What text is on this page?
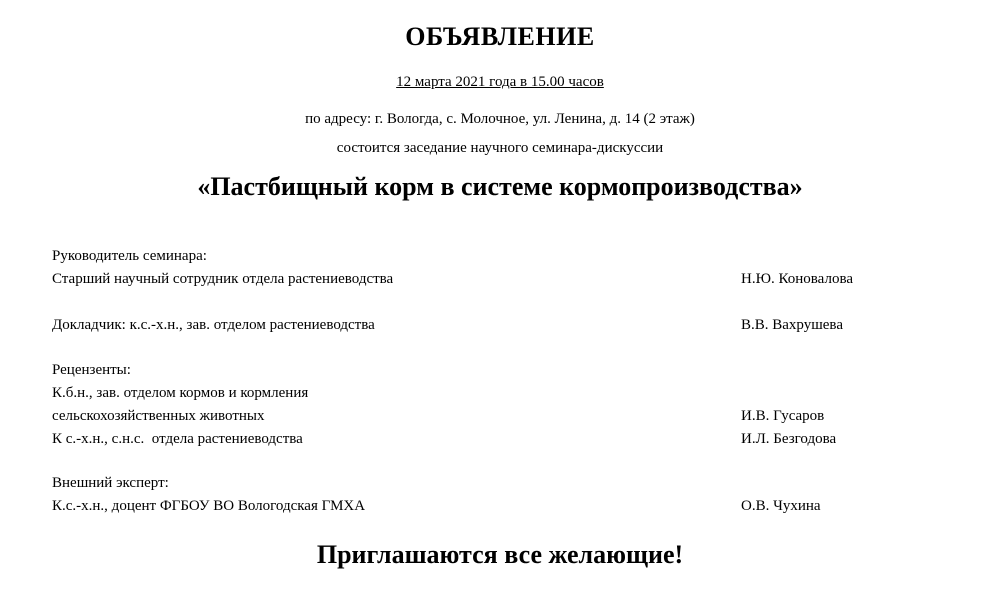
ОБЪЯВЛЕНИЕ
12 марта 2021 года в 15.00 часов
по адресу: г. Вологда, с. Молочное, ул. Ленина, д. 14 (2 этаж)
состоится заседание научного семинара-дискуссии
«Пастбищный корм в системе кормопроизводства»
Руководитель семинара:
Старший научный сотрудник отдела растениеводства	Н.Ю. Коновалова
Докладчик: к.с.-х.н., зав. отделом растениеводства	В.В. Вахрушева
Рецензенты:
К.б.н., зав. отделом кормов и кормления
сельскохозяйственных животных	И.В. Гусаров
К с.-х.н., с.н.с.  отдела растениеводства	И.Л. Безгодова
Внешний эксперт:
К.с.-х.н., доцент ФГБОУ ВО Вологодская ГМХА	О.В. Чухина
Приглашаются все желающие!
